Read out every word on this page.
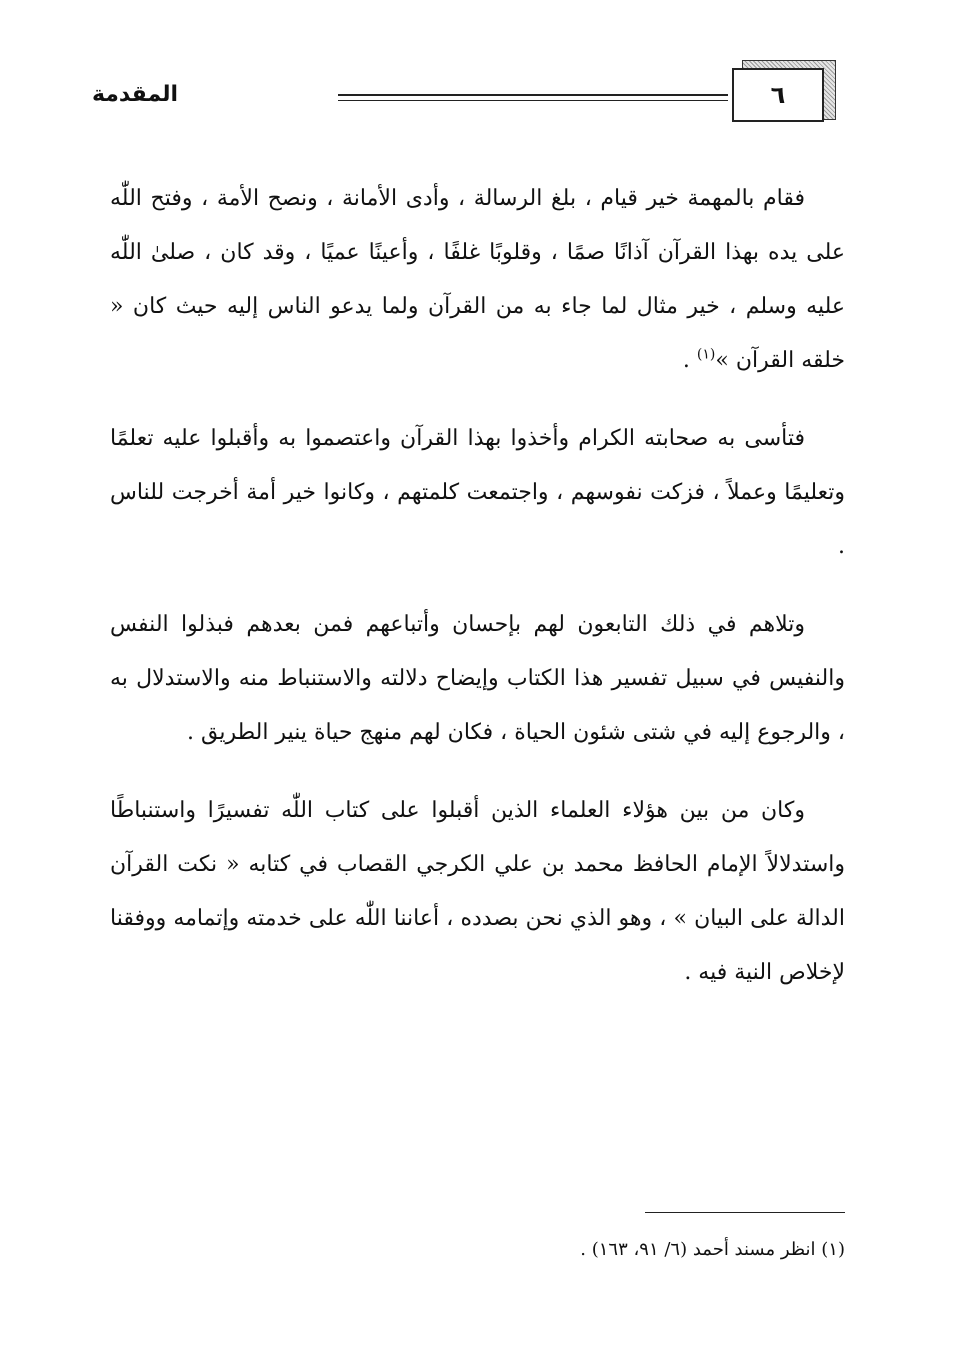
المقدمة	٦

فقام بالمهمة خير قيام ، بلغ الرسالة ، وأدى الأمانة ، ونصح الأمة ، وفتح اللّٰه على يده بهذا القرآن آذانًا صمًا ، وقلوبًا غلفًا ، وأعينًا عميًا ، وقد كان ، صلىٰ اللّٰه عليه وسلم ، خير مثال لما جاء به من القرآن ولما يدعو الناس إليه حيث كان « خلقه القرآن »$^{(١)}$ .

فتأسى به صحابته الكرام وأخذوا بهذا القرآن واعتصموا به وأقبلوا عليه تعلمًا وتعليمًا وعملاً ، فزكت نفوسهم ، واجتمعت كلمتهم ، وكانوا خير أمة أخرجت للناس .

وتلاهم في ذلك التابعون لهم بإحسان وأتباعهم فمن بعدهم فبذلوا النفس والنفيس في سبيل تفسير هذا الكتاب وإيضاح دلالته والاستنباط منه والاستدلال به ، والرجوع إليه في شتى شئون الحياة ، فكان لهم منهج حياة ينير الطريق .

وكان من بين هؤلاء العلماء الذين أقبلوا على كتاب اللّٰه تفسيرًا واستنباطًا واستدلالاً الإمام الحافظ محمد بن علي الكرجي القصاب في كتابه « نكت القرآن الدالة على البيان » ، وهو الذي نحن بصدده ، أعاننا اللّٰه على خدمته وإتمامه ووفقنا لإخلاص النية فيه .

(١) انظر مسند أحمد (٦/ ٩١، ١٦٣) .
